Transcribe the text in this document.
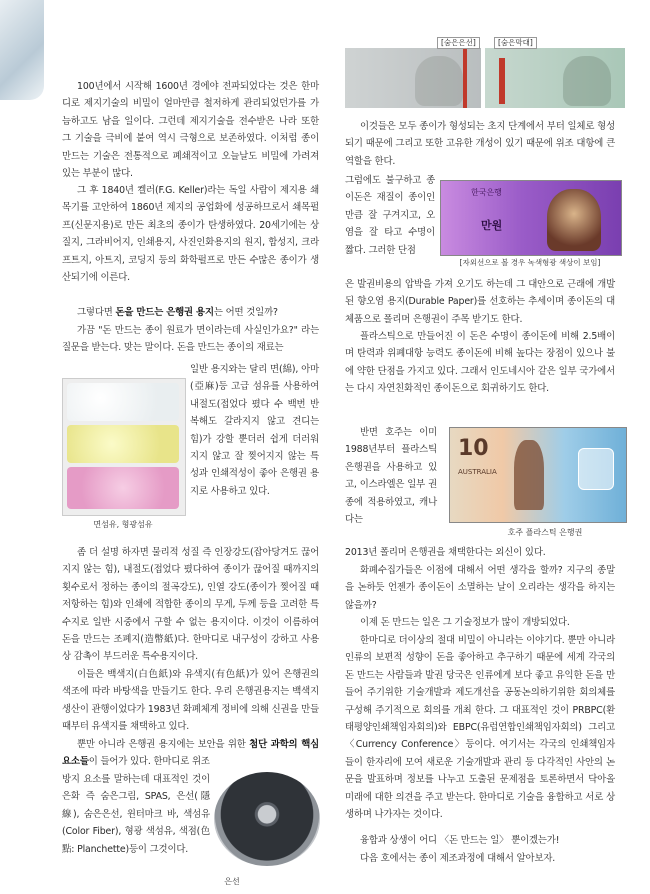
100년에서 시작해 1600년 경에야 전파되었다는 것은 한마디로 제지기술의 비밀이 얼마만큼 철저하게 관리되었던가를 가늠하고도 남을 일이다. 그런데 제지기술을 전수받은 나라 또한 그 기술을 극비에 붙여 역시 극형으로 보존하였다. 이처럼 종이 만드는 기술은 전통적으로 폐쇄적이고 오늘날도 비밀에 가려져 있는 부분이 많다.
그 후 1840년 켈러(F.G. Keller)라는 독일 사람이 제지용 쇄목기를 고안하여 1860년 제지의 공업화에 성공하므로서 쇄목펄프(신문지용)로 만든 최초의 종이가 탄생하였다. 20세기에는 상질지, 그라비어지, 인쇄용지, 사진인화용지의 원지, 합성지, 크라프트지, 아트지, 코딩지 등의 화학펄프로 만든 수많은 종이가 생산되기에 이른다.
그렇다면 돈을 만드는 은행권 용지는 어떤 것일까?
가끔 "돈 만드는 종이 원료가 면이라는데 사실인가요?" 라는 질문을 받는다. 맞는 말이다. 돈을 만드는 종이의 재료는
면섬유, 형광섬유
일반 용지와는 달리 면(綿), 아마(亞麻)등 고급 섬유를 사용하여 내절도(접었다 폈다 수 백번 반복해도 갈라지지 않고 견디는 힘)가 강할 뿐더러 쉽게 더러워지지 않고 잘 찢어지지 않는 특성과 인쇄적성이 좋아 은행권 용지로 사용하고 있다.
좀 더 설명 하자면 물리적 성질 즉 인장강도(잡아당겨도 끊어지지 않는 힘), 내절도(접었다 폈다하여 종이가 끊어질 때까지의 횟수로서 정하는 종이의 절곡강도), 인열 강도(종이가 찢어질 때 저항하는 힘)와 인쇄에 적합한 종이의 무게, 두께 등을 고려한 특수지로 일반 시중에서 구할 수 없는 용지이다. 이것이 이름하여 돈을 만드는 조폐지(造幣紙)다. 한마디로 내구성이 강하고 사용상 감촉이 부드러운 특수용지이다.
이들은 백색지(白色紙)와 유색지(有色紙)가 있어 은행권의 색조에 따라 바탕색을 만들기도 한다. 우리 은행권용지는 백색지 생산이 관행이었다가 1983년 화폐체계 정비에 의해 신권을 만들 때부터 유색지를 채택하고 있다.
뿐만 아니라 은행권 용지에는 보안을 위한 첨단 과학의 핵심 요소들이 들어가 있다. 한마디로 위조
방지 요소를 말하는데 대표적인 것이 은화 즉 숨은그림, SPAS, 은선(隱線), 숨은은선, 윈터마크 바, 색섬유(Color Fiber), 형광 색섬유, 색점(色點: Planchette)등이 그것이다.
은선
[숨은은선]	[숨은막대]
이것들은 모두 종이가 형성되는 초지 단계에서 부터 일체로 형성되기 때문에 그리고 또한 고유한 개성이 있기 때문에 위조 대항에 큰 역할을 한다.
그럼에도 불구하고 종이돈은 재질이 종이인 만큼 잘 구겨지고, 오염을 잘 타고 수명이 짧다. 그러한 단점
한국은행
만원
[자외선으로 볼 경우 녹색형광 색상이 보임]
은 발권비용의 압박을 가져 오기도 하는데 그 대안으로 근래에 개발된 향오염 용지(Durable Paper)를 선호하는 추세이며 종이돈의 대체품으로 폴리머 은행권이 주목 받기도 한다.
플라스틱으로 만들어진 이 돈은 수명이 종이돈에 비해 2.5배이며 탄력과 위폐대항 능력도 종이돈에 비해 높다는 장점이 있으나 불에 약한 단점을 가지고 있다. 그래서 인도네시아 같은 일부 국가에서는 다시 자연친화적인 종이돈으로 회귀하기도 한다.
반면 호주는 이미 1988년부터 플라스틱 은행권을 사용하고 있고, 이스라엘은 일부 권종에 적용하였고, 캐나다는
10
AUSTRALIA
호주 플라스틱 은행권
2013년 폴리머 은행권을 채택한다는 외신이 있다.
화폐수집가들은 이점에 대해서 어떤 생각을 할까? 지구의 종말을 논하듯 언젠가 종이돈이 소멸하는 날이 오리라는 생각을 하지는 않을까?
이제 돈 만드는 일은 그 기술정보가 많이 개방되었다.
한마디로 더이상의 절대 비밀이 아니라는 이야기다. 뿐만 아니라 인류의 보편적 성향이 돈을 좋아하고 추구하기 때문에 세계 각국의 돈 만드는 사람들과 발권 당국은 인류에게 보다 좋고 유익한 돈을 만들어 주기위한 기술개발과 제도개선을 공동논의하기위한 회의체를 구성해 주기적으로 회의를 개최 한다. 그 대표적인 것이 PRBPC(환태평양인쇄책임자회의)와 EBPC(유럽연합인쇄책임자회의) 그리고 〈Currency Conference〉등이다. 여기서는 각국의 인쇄책임자 들이 한자리에 모여 새로운 기술개발과 관리 등 다각적인 사안의 논문을 발표하며 정보를 나누고 도출된 문제점을 토론하면서 닥아올 미래에 대한 의견을 주고 받는다. 한마디로 기술을 융합하고 서로 상생하며 나가자는 것이다.
융합과 상생이 어디 〈돈 만드는 일〉 뿐이겠는가!
다음 호에서는 종이 제조과정에 대해서 알아보자.
